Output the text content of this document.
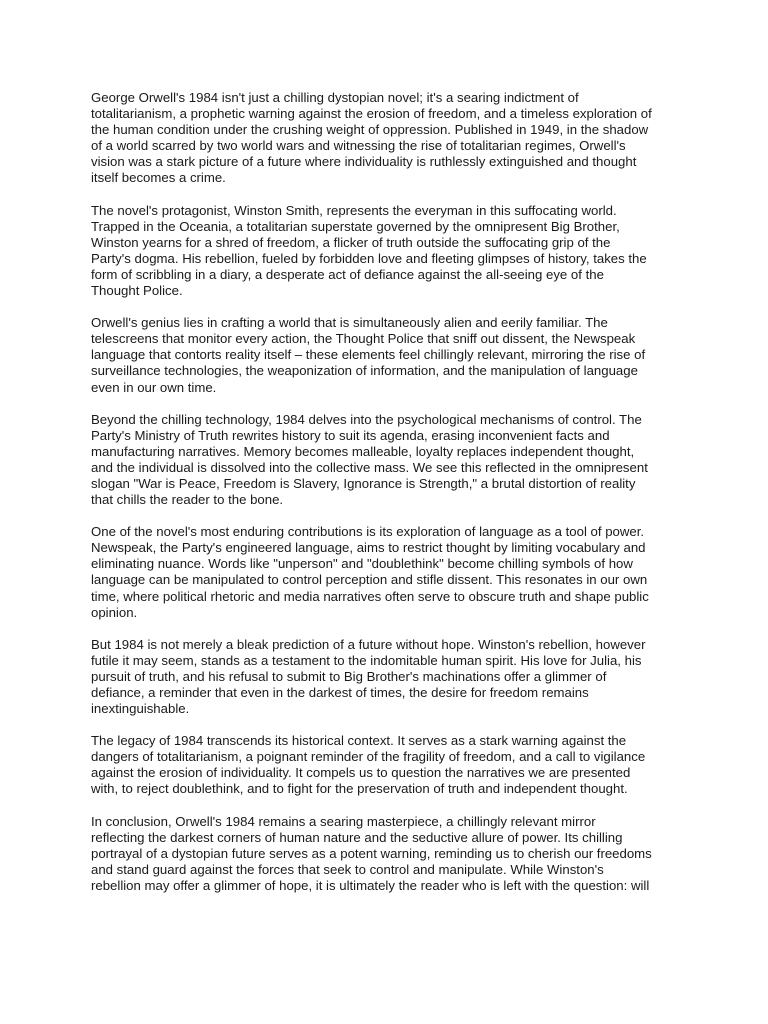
George Orwell's 1984 isn't just a chilling dystopian novel; it's a searing indictment of
totalitarianism, a prophetic warning against the erosion of freedom, and a timeless exploration of
the human condition under the crushing weight of oppression. Published in 1949, in the shadow
of a world scarred by two world wars and witnessing the rise of totalitarian regimes, Orwell's
vision was a stark picture of a future where individuality is ruthlessly extinguished and thought
itself becomes a crime.

The novel's protagonist, Winston Smith, represents the everyman in this suffocating world.
Trapped in the Oceania, a totalitarian superstate governed by the omnipresent Big Brother,
Winston yearns for a shred of freedom, a flicker of truth outside the suffocating grip of the
Party's dogma. His rebellion, fueled by forbidden love and fleeting glimpses of history, takes the
form of scribbling in a diary, a desperate act of defiance against the all-seeing eye of the
Thought Police.

Orwell's genius lies in crafting a world that is simultaneously alien and eerily familiar. The
telescreens that monitor every action, the Thought Police that sniff out dissent, the Newspeak
language that contorts reality itself – these elements feel chillingly relevant, mirroring the rise of
surveillance technologies, the weaponization of information, and the manipulation of language
even in our own time.

Beyond the chilling technology, 1984 delves into the psychological mechanisms of control. The
Party's Ministry of Truth rewrites history to suit its agenda, erasing inconvenient facts and
manufacturing narratives. Memory becomes malleable, loyalty replaces independent thought,
and the individual is dissolved into the collective mass. We see this reflected in the omnipresent
slogan "War is Peace, Freedom is Slavery, Ignorance is Strength," a brutal distortion of reality
that chills the reader to the bone.

One of the novel's most enduring contributions is its exploration of language as a tool of power.
Newspeak, the Party's engineered language, aims to restrict thought by limiting vocabulary and
eliminating nuance. Words like "unperson" and "doublethink" become chilling symbols of how
language can be manipulated to control perception and stifle dissent. This resonates in our own
time, where political rhetoric and media narratives often serve to obscure truth and shape public
opinion.

But 1984 is not merely a bleak prediction of a future without hope. Winston's rebellion, however
futile it may seem, stands as a testament to the indomitable human spirit. His love for Julia, his
pursuit of truth, and his refusal to submit to Big Brother's machinations offer a glimmer of
defiance, a reminder that even in the darkest of times, the desire for freedom remains
inextinguishable.

The legacy of 1984 transcends its historical context. It serves as a stark warning against the
dangers of totalitarianism, a poignant reminder of the fragility of freedom, and a call to vigilance
against the erosion of individuality. It compels us to question the narratives we are presented
with, to reject doublethink, and to fight for the preservation of truth and independent thought.

In conclusion, Orwell's 1984 remains a searing masterpiece, a chillingly relevant mirror
reflecting the darkest corners of human nature and the seductive allure of power. Its chilling
portrayal of a dystopian future serves as a potent warning, reminding us to cherish our freedoms
and stand guard against the forces that seek to control and manipulate. While Winston's
rebellion may offer a glimmer of hope, it is ultimately the reader who is left with the question: will
